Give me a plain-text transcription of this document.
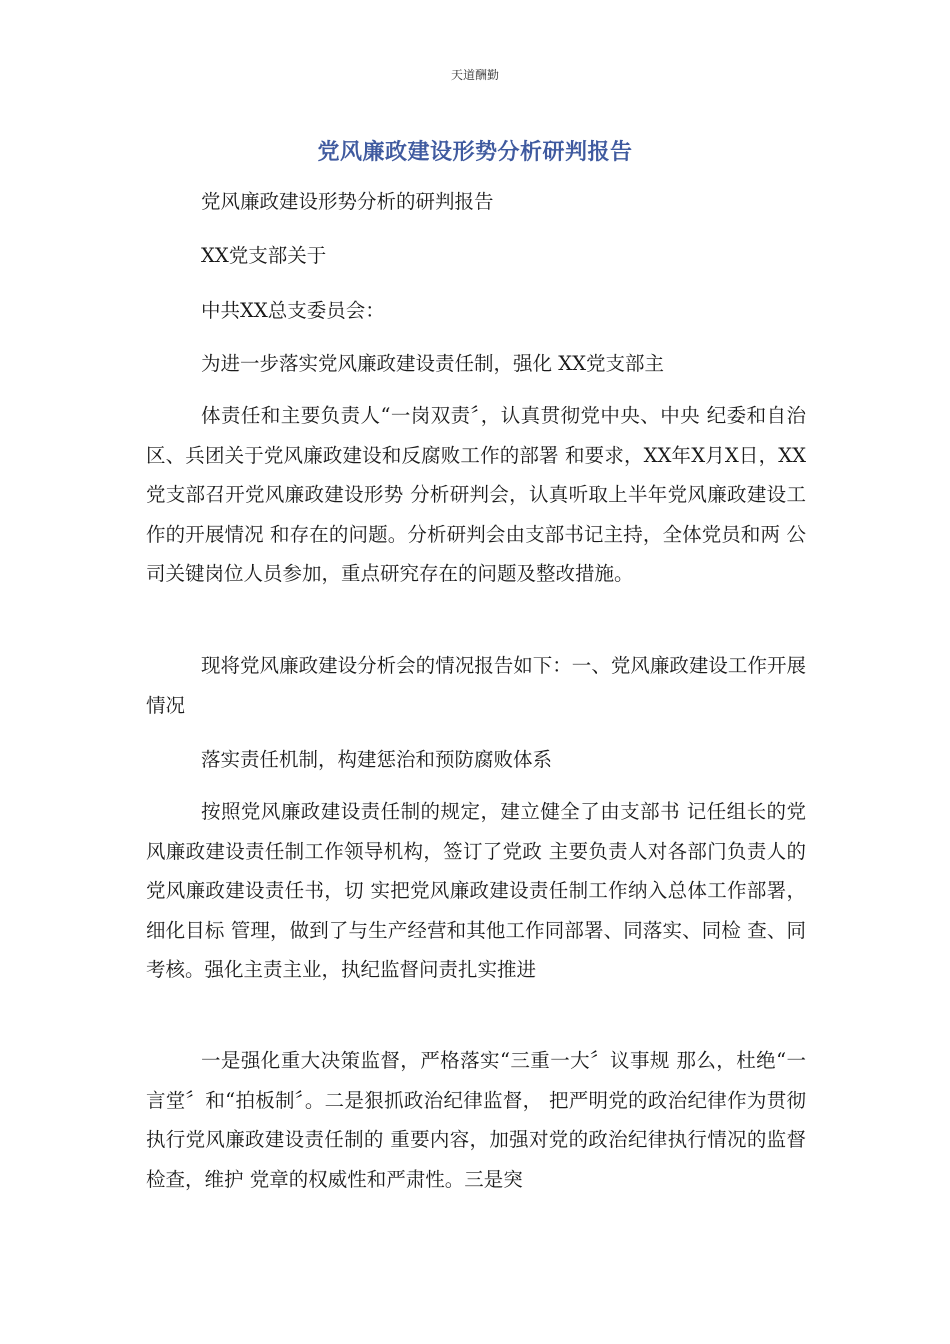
天道酬勤
党风廉政建设形势分析研判报告

党风廉政建设形势分析的研判报告

XX党支部关于

中共XX总支委员会：

为进一步落实党风廉政建设责任制，强化 XX党支部主

体责任和主要负责人“一岗双责〞，认真贯彻党中央、中央 纪委和自治区、兵团关于党风廉政建设和反腐败工作的部署 和要求，XX年X月X日，XX党支部召开党风廉政建设形势 分析研判会，认真听取上半年党风廉政建设工作的开展情况 和存在的问题。分析研判会由支部书记主持，全体党员和两 公司关键岗位人员参加，重点研究存在的问题及整改措施。

现将党风廉政建设分析会的情况报告如下：一、党风廉政建设工作开展情况

落实责任机制，构建惩治和预防腐败体系

按照党风廉政建设责任制的规定，建立健全了由支部书 记任组长的党风廉政建设责任制工作领导机构，签订了党政 主要负责人对各部门负责人的党风廉政建设责任书，切 实把党风廉政建设责任制工作纳入总体工作部署，细化目标 管理，做到了与生产经营和其他工作同部署、同落实、同检 查、同考核。强化主责主业，执纪监督问责扎实推进

一是强化重大决策监督，严格落实“三重一大〞议事规 那么，杜绝“一言堂〞和“拍板制〞。二是狠抓政治纪律监督， 把严明党的政治纪律作为贯彻执行党风廉政建设责任制的 重要内容，加强对党的政治纪律执行情况的监督检查，维护 党章的权威性和严肃性。三是突
